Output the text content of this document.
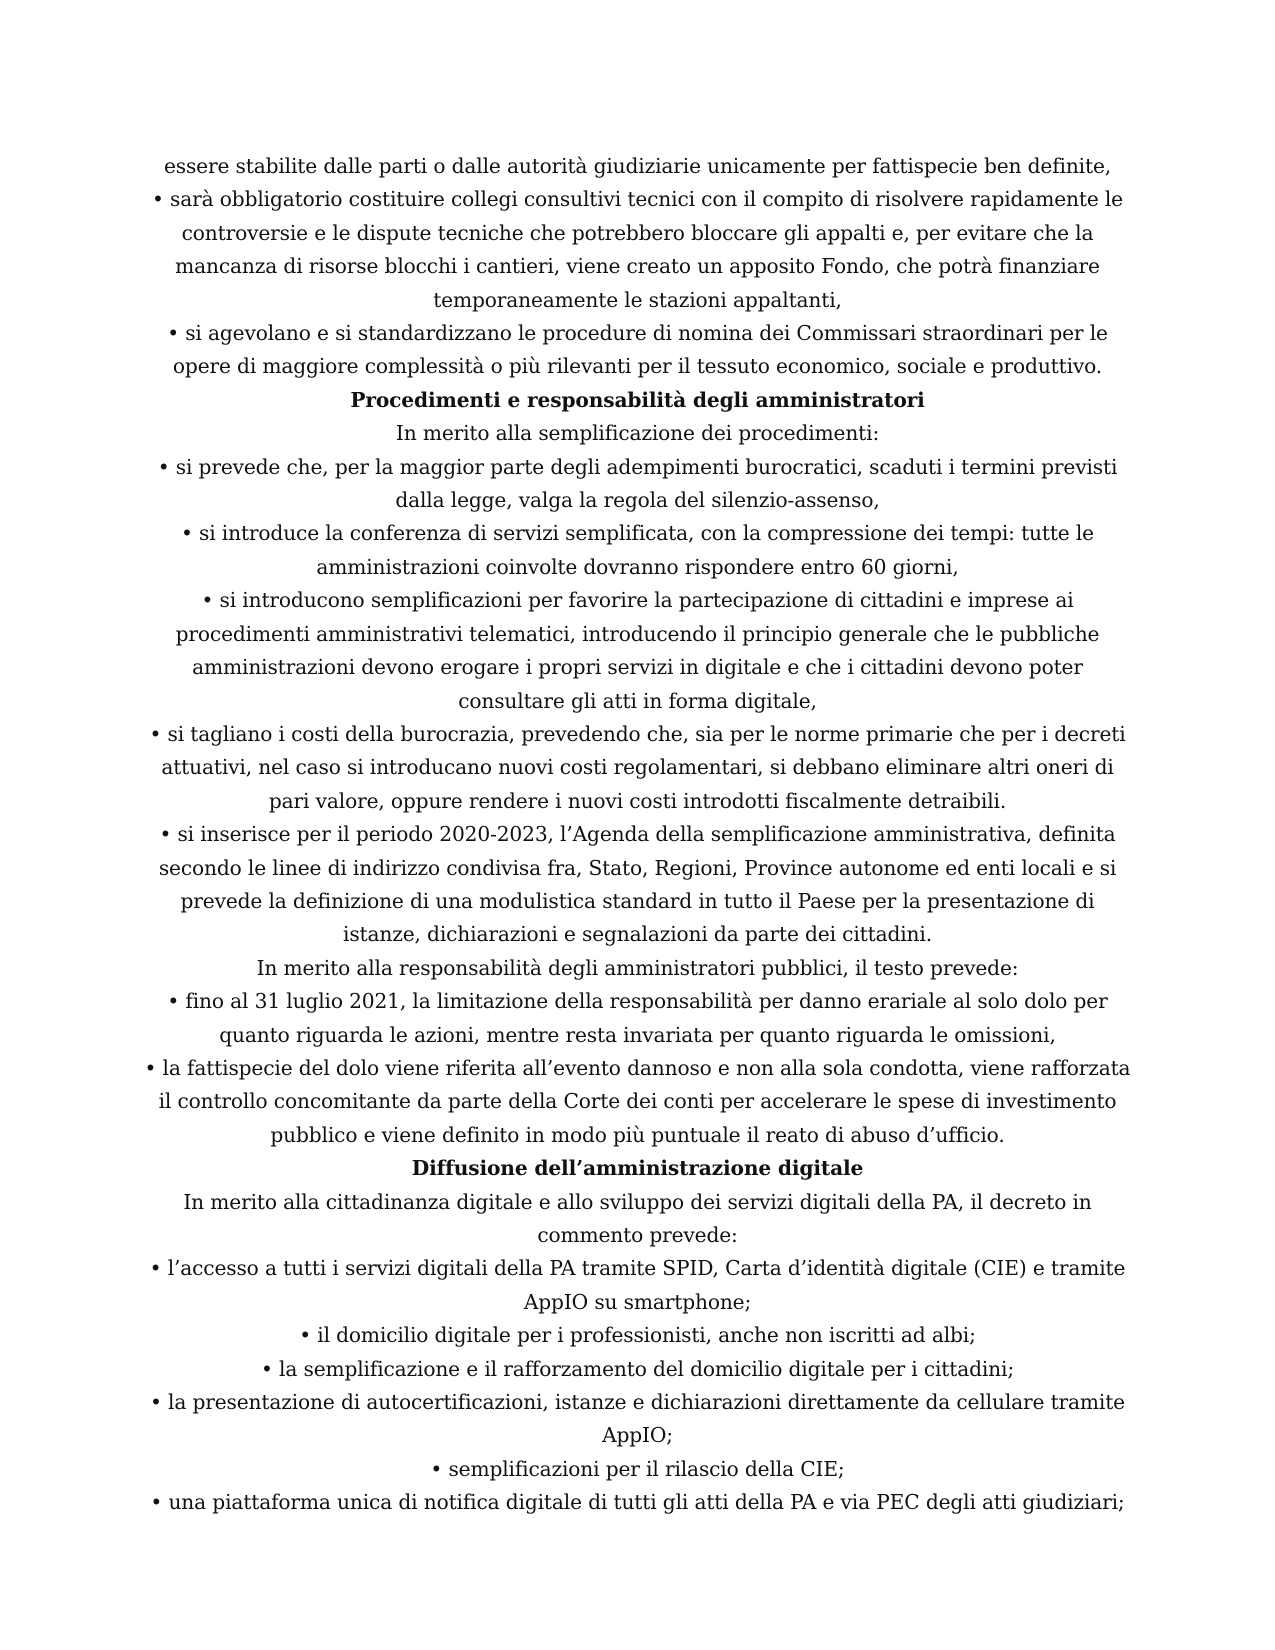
essere stabilite dalle parti o dalle autorità giudiziarie unicamente per fattispecie ben definite,

• sarà obbligatorio costituire collegi consultivi tecnici con il compito di risolvere rapidamente le

controversie e le dispute tecniche che potrebbero bloccare gli appalti e, per evitare che la

mancanza di risorse blocchi i cantieri, viene creato un apposito Fondo, che potrà finanziare

temporaneamente le stazioni appaltanti,

• si agevolano e si standardizzano le procedure di nomina dei Commissari straordinari per le

opere di maggiore complessità o più rilevanti per il tessuto economico, sociale e produttivo.

Procedimenti e responsabilità degli amministratori

In merito alla semplificazione dei procedimenti:

• si prevede che, per la maggior parte degli adempimenti burocratici, scaduti i termini previsti

dalla legge, valga la regola del silenzio-assenso,

• si introduce la conferenza di servizi semplificata, con la compressione dei tempi: tutte le

amministrazioni coinvolte dovranno rispondere entro 60 giorni,

• si introducono semplificazioni per favorire la partecipazione di cittadini e imprese ai

procedimenti amministrativi telematici, introducendo il principio generale che le pubbliche

amministrazioni devono erogare i propri servizi in digitale e che i cittadini devono poter

consultare gli atti in forma digitale,

• si tagliano i costi della burocrazia, prevedendo che, sia per le norme primarie che per i decreti

attuativi, nel caso si introducano nuovi costi regolamentari, si debbano eliminare altri oneri di

pari valore, oppure rendere i nuovi costi introdotti fiscalmente detraibili.

• si inserisce per il periodo 2020-2023, l’Agenda della semplificazione amministrativa, definita

secondo le linee di indirizzo condivisa fra, Stato, Regioni, Province autonome ed enti locali e si

prevede la definizione di una modulistica standard in tutto il Paese per la presentazione di

istanze, dichiarazioni e segnalazioni da parte dei cittadini.

In merito alla responsabilità degli amministratori pubblici, il testo prevede:

• fino al 31 luglio 2021, la limitazione della responsabilità per danno erariale al solo dolo per

quanto riguarda le azioni, mentre resta invariata per quanto riguarda le omissioni,

• la fattispecie del dolo viene riferita all’evento dannoso e non alla sola condotta, viene rafforzata

il controllo concomitante da parte della Corte dei conti per accelerare le spese di investimento

pubblico e viene definito in modo più puntuale il reato di abuso d’ufficio.

Diffusione dell’amministrazione digitale

In merito alla cittadinanza digitale e allo sviluppo dei servizi digitali della PA, il decreto in

commento prevede:

• l’accesso a tutti i servizi digitali della PA tramite SPID, Carta d’identità digitale (CIE) e tramite

AppIO su smartphone;

• il domicilio digitale per i professionisti, anche non iscritti ad albi;

• la semplificazione e il rafforzamento del domicilio digitale per i cittadini;

• la presentazione di autocertificazioni, istanze e dichiarazioni direttamente da cellulare tramite

AppIO;

• semplificazioni per il rilascio della CIE;

• una piattaforma unica di notifica digitale di tutti gli atti della PA e via PEC degli atti giudiziari;
